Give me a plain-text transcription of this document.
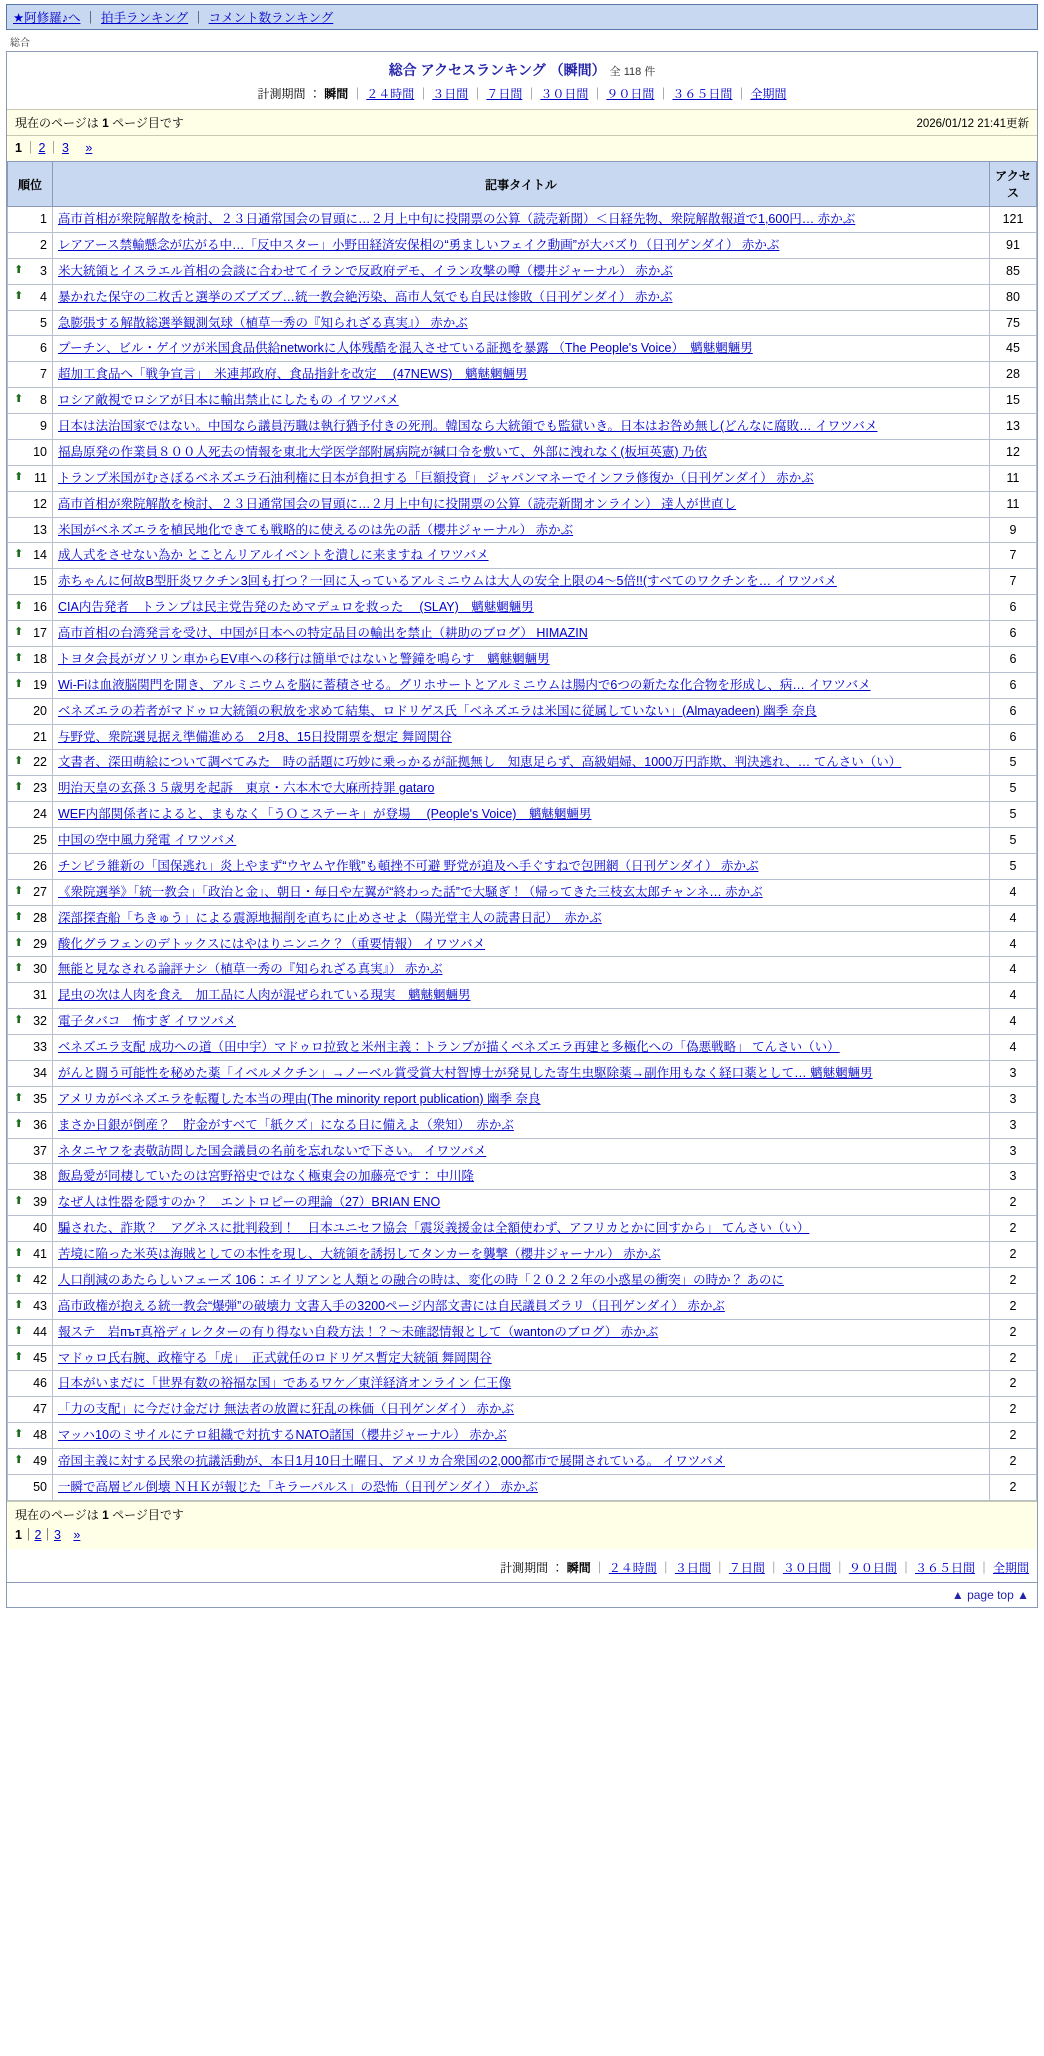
★阿修羅♪へ ｜ 拍手ランキング ｜ コメント数ランキング
総合
総合 アクセスランキング （瞬間） 全 118 件
計測期間 ： 瞬間 ｜ ２４時間 ｜ ３日間 ｜ ７日間 ｜ ３０日間 ｜ ９０日間 ｜ ３６５日間 ｜ 全期間
現在のページは 1 ページ目です	2026/01/12 21:41更新
1 ｜ 2 ｜ 3　 »
順位	記事タイトル	アクセス
1	高市首相が衆院解散を検討、２３日通常国会の冒頭に…２月上中旬に投開票の公算（読売新聞）＜日経先物、衆院解散報道で1,600円… 赤かぶ	121
2	レアアース禁輸懸念が広がる中…「反中スター」小野田経済安保相の“勇ましいフェイク動画”が大バズり（日刊ゲンダイ） 赤かぶ	91

⬆ 3	米大統領とイスラエル首相の会談に合わせてイランで反政府デモ、イラン攻撃の噂（櫻井ジャーナル） 赤かぶ	85

⬆ 4	暴かれた保守の二枚舌と選挙のズブズブ…統一教会絶汚染、高市人気でも自民は惨敗（日刊ゲンダイ） 赤かぶ	80
5	急膨張する解散総選挙観測気球（植草一秀の『知られざる真実』） 赤かぶ	75
6	プーチン、ビル・ゲイツが米国食品供給networkに人体残酷を混入させている証拠を暴露 （The People's Voice）　魑魅魍魎男	45
7	超加工食品へ「戦争宣言」　米連邦政府、食品指針を改定 　(47NEWS)　魑魅魍魎男	28

⬆ 8	ロシア敵視でロシアが日本に輸出禁止にしたもの イワツバメ	15
9	日本は法治国家ではない。中国なら議員汚職は執行猶予付きの死刑。韓国なら大統領でも監獄いき。日本はお咎め無し(どんなに腐敗… イワツバメ	13
10	福島原発の作業員８００人死去の情報を東北大学医学部附属病院が緘口令を敷いて、外部に洩れなく(板垣英憲) 乃依	12

⬆ 11	トランプ米国がむさぼるベネズエラ石油利権に日本が負担する「巨額投資」 ジャパンマネーでインフラ修復か（日刊ゲンダイ） 赤かぶ	11
12	高市首相が衆院解散を検討、２３日通常国会の冒頭に…２月上中旬に投開票の公算（読売新聞オンライン） 達人が世直し	11
13	米国がベネズエラを植民地化できても戦略的に使えるのは先の話（櫻井ジャーナル） 赤かぶ	9

⬆ 14	成人式をさせない為か とことんリアルイベントを潰しに来ますね イワツバメ	7
15	赤ちゃんに何故B型肝炎ワクチン3回も打つ？一回に入っているアルミニウムは大人の安全上限の4〜5倍!!(すべてのワクチンを… イワツバメ	7

⬆ 16	CIA内告発者　トランプは民主党告発のためマデュロを救った 　(SLAY)　魑魅魍魎男	6

⬆ 17	高市首相の台湾発言を受け、中国が日本への特定品目の輸出を禁止（耕助のブログ） HIMAZIN	6

⬆ 18	トヨタ会長がガソリン車からEV車への移行は簡単ではないと警鐘を鳴らす　魑魅魍魎男	6

⬆ 19	Wi-Fiは血液脳関門を開き、アルミニウムを脳に蓄積させる。グリホサートとアルミニウムは腸内で6つの新たな化合物を形成し、病… イワツバメ	6
20	ベネズエラの若者がマドゥロ大統領の釈放を求めて結集、ロドリゲス氏「ベネズエラは米国に従属していない」(Almayadeen) 幽季 奈良	6
21	与野党、衆院選見据え準備進める　2月8、15日投開票を想定 舞岡関谷	6

⬆ 22	文書者、深田萌絵について調べてみた　時の話題に巧妙に乗っかるが証拠無し　知恵足らず、高級娼婦、1000万円詐欺、判決逃れ、… てんさい（い）	5

⬆ 23	明治天皇の玄孫３５歳男を起訴　東京・六本木で大麻所持罪 gataro	5
24	WEF内部関係者によると、まもなく「うＯこステーキ」が登場 　(People's Voice)　魑魅魍魎男	5
25	中国の空中風力発電 イワツバメ	5
26	チンピラ維新の「国保逃れ」炎上やまず“ウヤムヤ作戦”も頓挫不可避 野党が追及へ手ぐすねで包囲網（日刊ゲンダイ） 赤かぶ	5

⬆ 27	《衆院選挙》「統一教会」「政治と金」、朝日・毎日や左翼が“終わった話”で大騒ぎ！（帰ってきた三枝玄太郎チャンネ… 赤かぶ	4

⬆ 28	深部探査船「ちきゅう」による震源地掘削を直ちに止めさせよ（陽光堂主人の読書日記）　赤かぶ	4

⬆ 29	酸化グラフェンのデトックスにはやはりニンニク？（重要情報） イワツバメ	4

⬆ 30	無能と見なされる論評ナシ（植草一秀の『知られざる真実』） 赤かぶ	4
31	昆虫の次は人肉を食え　加工品に人肉が混ぜられている現実　魑魅魍魎男	4

⬆ 32	電子タバコ　怖すぎ イワツバメ	4
33	ベネズエラ支配 成功への道（田中宇）マドゥロ拉致と米州主義：トランプが描くベネズエラ再建と多極化への「偽悪戦略」 てんさい（い）	4
34	がんと闘う可能性を秘めた薬「イベルメクチン」→ノーベル賞受賞大村智博士が発見した寄生虫駆除薬→副作用もなく経口薬として… 魑魅魍魎男	3

⬆ 35	アメリカがベネズエラを転覆した本当の理由(The minority report publication) 幽季 奈良	3

⬆ 36	まさか日銀が倒産？　貯金がすべて「紙クズ」になる日に備えよ（衆知）　赤かぶ	3
37	ネタニヤフを表敬訪問した国会議員の名前を忘れないで下さい。 イワツバメ	3
38	飯島愛が同棲していたのは宮野裕史ではなく極東会の加藤亮です： 中川隆	3

⬆ 39	なぜ人は性器を隠すのか？　エントロピーの理論（27）BRIAN ENO	2
40	騙された、詐欺？　アグネスに批判殺到！　日本ユニセフ協会「震災義援金は全額使わず、アフリカとかに回すから」 てんさい（い）	2

⬆ 41	苦境に陥った米英は海賊としての本性を現し、大統領を誘拐してタンカーを襲撃（櫻井ジャーナル） 赤かぶ	2

⬆ 42	人口削減のあたらしいフェーズ 106：エイリアンと人類との融合の時は、変化の時「２０２２年の小惑星の衝突」の時か？ あのに	2

⬆ 43	高市政権が抱える統一教会“爆弾”の破壊力 文書入手の3200ページ内部文書には自民議員ズラリ（日刊ゲンダイ） 赤かぶ	2

⬆ 44	報ステ　岩път真裕ディレクターの有り得ない自殺方法！？〜未確認情報として（wantonのブログ） 赤かぶ	2

⬆ 45	マドゥロ氏右腕、政権守る「虎」　正式就任のロドリゲス暫定大統領 舞岡関谷	2
46	日本がいまだに「世界有数の裕福な国」であるワケ／東洋経済オンライン 仁王像	2
47	「力の支配」に今だけ金だけ 無法者の放置に狂乱の株価（日刊ゲンダイ） 赤かぶ	2

⬆ 48	マッハ10のミサイルにテロ組織で対抗するNATO諸国（櫻井ジャーナル） 赤かぶ	2

⬆ 49	帝国主義に対する民衆の抗議活動が、本日1月10日土曜日、アメリカ合衆国の2,000都市で展開されている。 イワツバメ	2
50	一瞬で高層ビル倒壊 ＮＨＫが報じた「キラーパルス」の恐怖（日刊ゲンダイ） 赤かぶ	2
現在のページは 1 ページ目です
1｜2｜3　 »
計測期間 ： 瞬間 ｜ ２４時間 ｜ ３日間 ｜ ７日間 ｜ ３０日間 ｜ ９０日間 ｜ ３６５日間 ｜ 全期間
▲ page top ▲
